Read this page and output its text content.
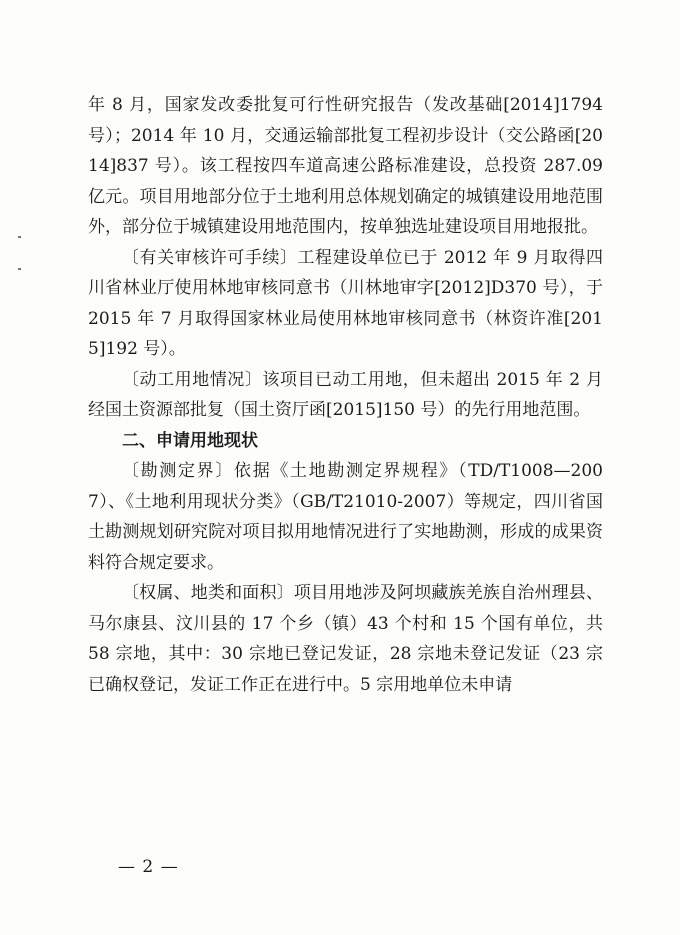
年 8 月，国家发改委批复可行性研究报告（发改基础[2014]1794号）；2014 年 10 月，交通运输部批复工程初步设计（交公路函[2014]837 号）。该工程按四车道高速公路标准建设，总投资 287.09 亿元。项目用地部分位于土地利用总体规划确定的城镇建设用地范围外，部分位于城镇建设用地范围内，按单独选址建设项目用地报批。

〔有关审核许可手续〕工程建设单位已于 2012 年 9 月取得四川省林业厅使用林地审核同意书（川林地审字[2012]D370 号），于 2015 年 7 月取得国家林业局使用林地审核同意书（林资许准[2015]192 号）。

〔动工用地情况〕该项目已动工用地，但未超出 2015 年 2 月经国土资源部批复（国土资厅函[2015]150 号）的先行用地范围。

二、申请用地现状

〔勘测定界〕依据《土地勘测定界规程》（TD/T1008—2007）、《土地利用现状分类》（GB/T21010-2007）等规定，四川省国土勘测规划研究院对项目拟用地情况进行了实地勘测，形成的成果资料符合规定要求。

〔权属、地类和面积〕项目用地涉及阿坝藏族羌族自治州理县、马尔康县、汶川县的 17 个乡（镇）43 个村和 15 个国有单位，共 58 宗地，其中：30 宗地已登记发证，28 宗地未登记发证（23 宗已确权登记，发证工作正在进行中。5 宗用地单位未申请

— 2 —
